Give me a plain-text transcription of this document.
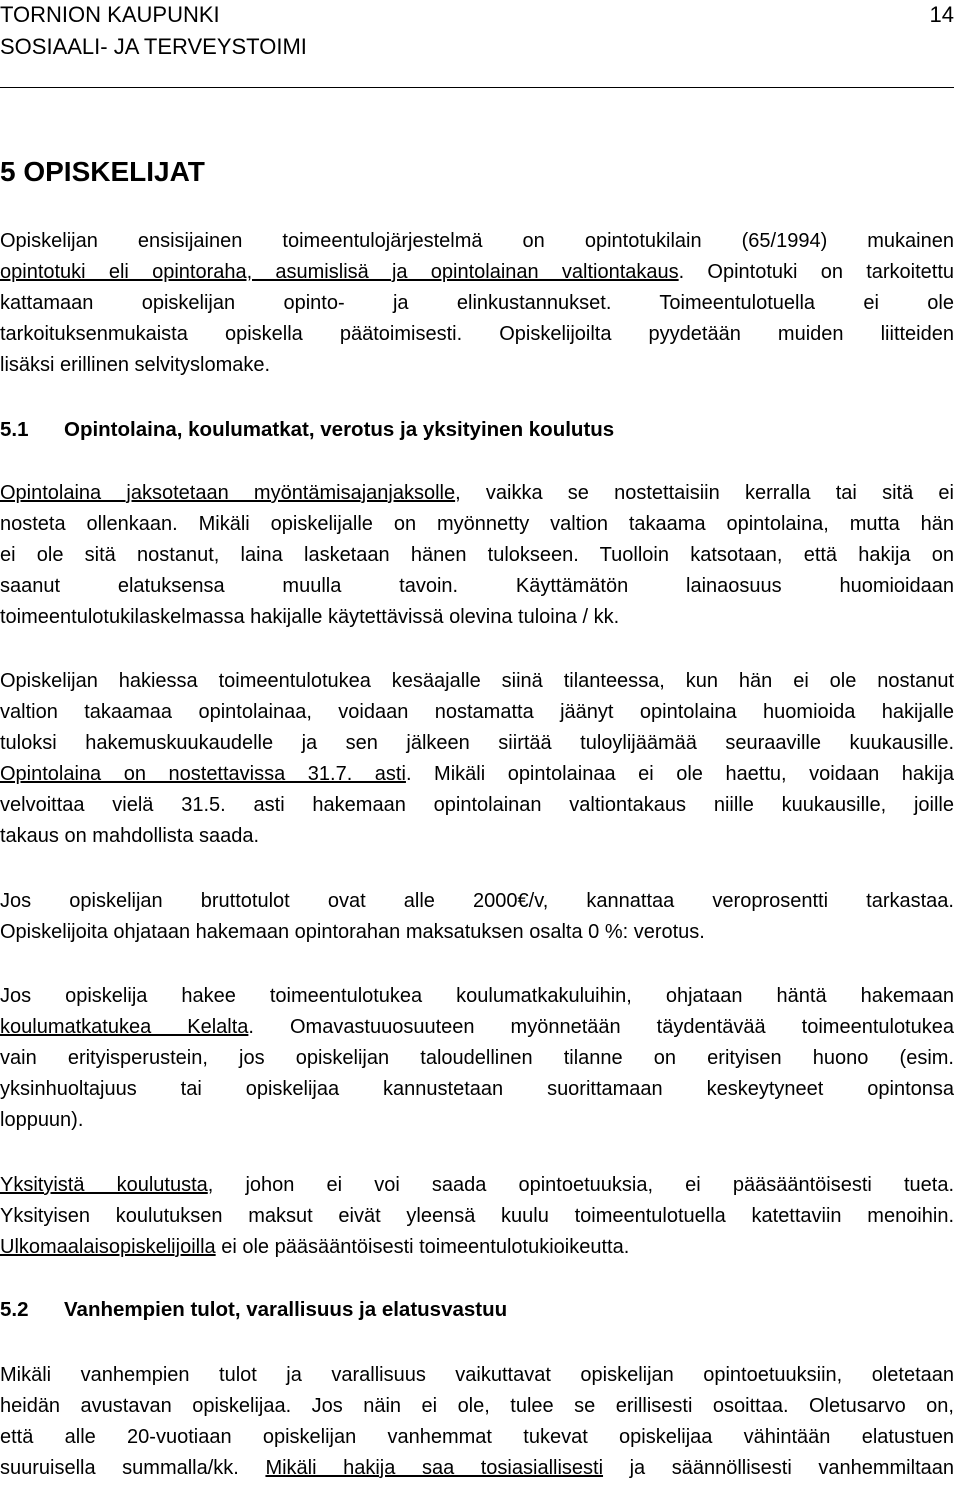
TORNION KAUPUNKI
SOSIAALI- JA TERVEYSTOIMI
14
5 OPISKELIJAT
Opiskelijan ensisijainen toimeentulojärjestelmä on opintotukilain (65/1994) mukainen
opintotuki eli opintoraha, asumislisä ja opintolainan valtiontakaus. Opintotuki on tarkoitettu
kattamaan opiskelijan opinto- ja elinkustannukset. Toimeentulotuella ei ole
tarkoituksenmukaista opiskella päätoimisesti. Opiskelijoilta pyydetään muiden liitteiden
lisäksi erillinen selvityslomake.
5.1 Opintolaina, koulumatkat, verotus ja yksityinen koulutus
Opintolaina jaksotetaan myöntämisajanjaksolle, vaikka se nostettaisiin kerralla tai sitä ei
nosteta ollenkaan. Mikäli opiskelijalle on myönnetty valtion takaama opintolaina, mutta hän
ei ole sitä nostanut, laina lasketaan hänen tulokseen. Tuolloin katsotaan, että hakija on
saanut elatuksensa muulla tavoin. Käyttämätön lainaosuus huomioidaan
toimeentulotukilaskelmassa hakijalle käytettävissä olevina tuloina / kk.
Opiskelijan hakiessa toimeentulotukea kesäajalle siinä tilanteessa, kun hän ei ole nostanut
valtion takaamaa opintolainaa, voidaan nostamatta jäänyt opintolaina huomioida hakijalle
tuloksi hakemuskuukaudelle ja sen jälkeen siirtää tuloylijäämää seuraaville kuukausille.
Opintolaina on nostettavissa 31.7. asti. Mikäli opintolainaa ei ole haettu, voidaan hakija
velvoittaa vielä 31.5. asti hakemaan opintolainan valtiontakaus niille kuukausille, joille
takaus on mahdollista saada.
Jos opiskelijan bruttotulot ovat alle 2000€/v, kannattaa veroprosentti tarkastaa.
Opiskelijoita ohjataan hakemaan opintorahan maksatuksen osalta 0 %: verotus.
Jos opiskelija hakee toimeentulotukea koulumatkakuluihin, ohjataan häntä hakemaan
koulumatkatukea Kelalta. Omavastuuosuuteen myönnetään täydentävää toimeentulotukea
vain erityisperustein, jos opiskelijan taloudellinen tilanne on erityisen huono (esim.
yksinhuoltajuus tai opiskelijaa kannustetaan suorittamaan keskeytyneet opintonsa
loppuun).
Yksityistä koulutusta, johon ei voi saada opintoetuuksia, ei pääsääntöisesti tueta.
Yksityisen koulutuksen maksut eivät yleensä kuulu toimeentulotuella katettaviin menoihin.
Ulkomaalaisopiskelijoilla ei ole pääsääntöisesti toimeentulotukioikeutta.
5.2 Vanhempien tulot, varallisuus ja elatusvastuu
Mikäli vanhempien tulot ja varallisuus vaikuttavat opiskelijan opintoetuuksiin, oletetaan
heidän avustavan opiskelijaa. Jos näin ei ole, tulee se erillisesti osoittaa. Oletusarvo on,
että alle 20-vuotiaan opiskelijan vanhemmat tukevat opiskelijaa vähintään elatustuen
suuruisella summalla/kk. Mikäli hakija saa tosiasiallisesti ja säännöllisesti vanhemmiltaan
